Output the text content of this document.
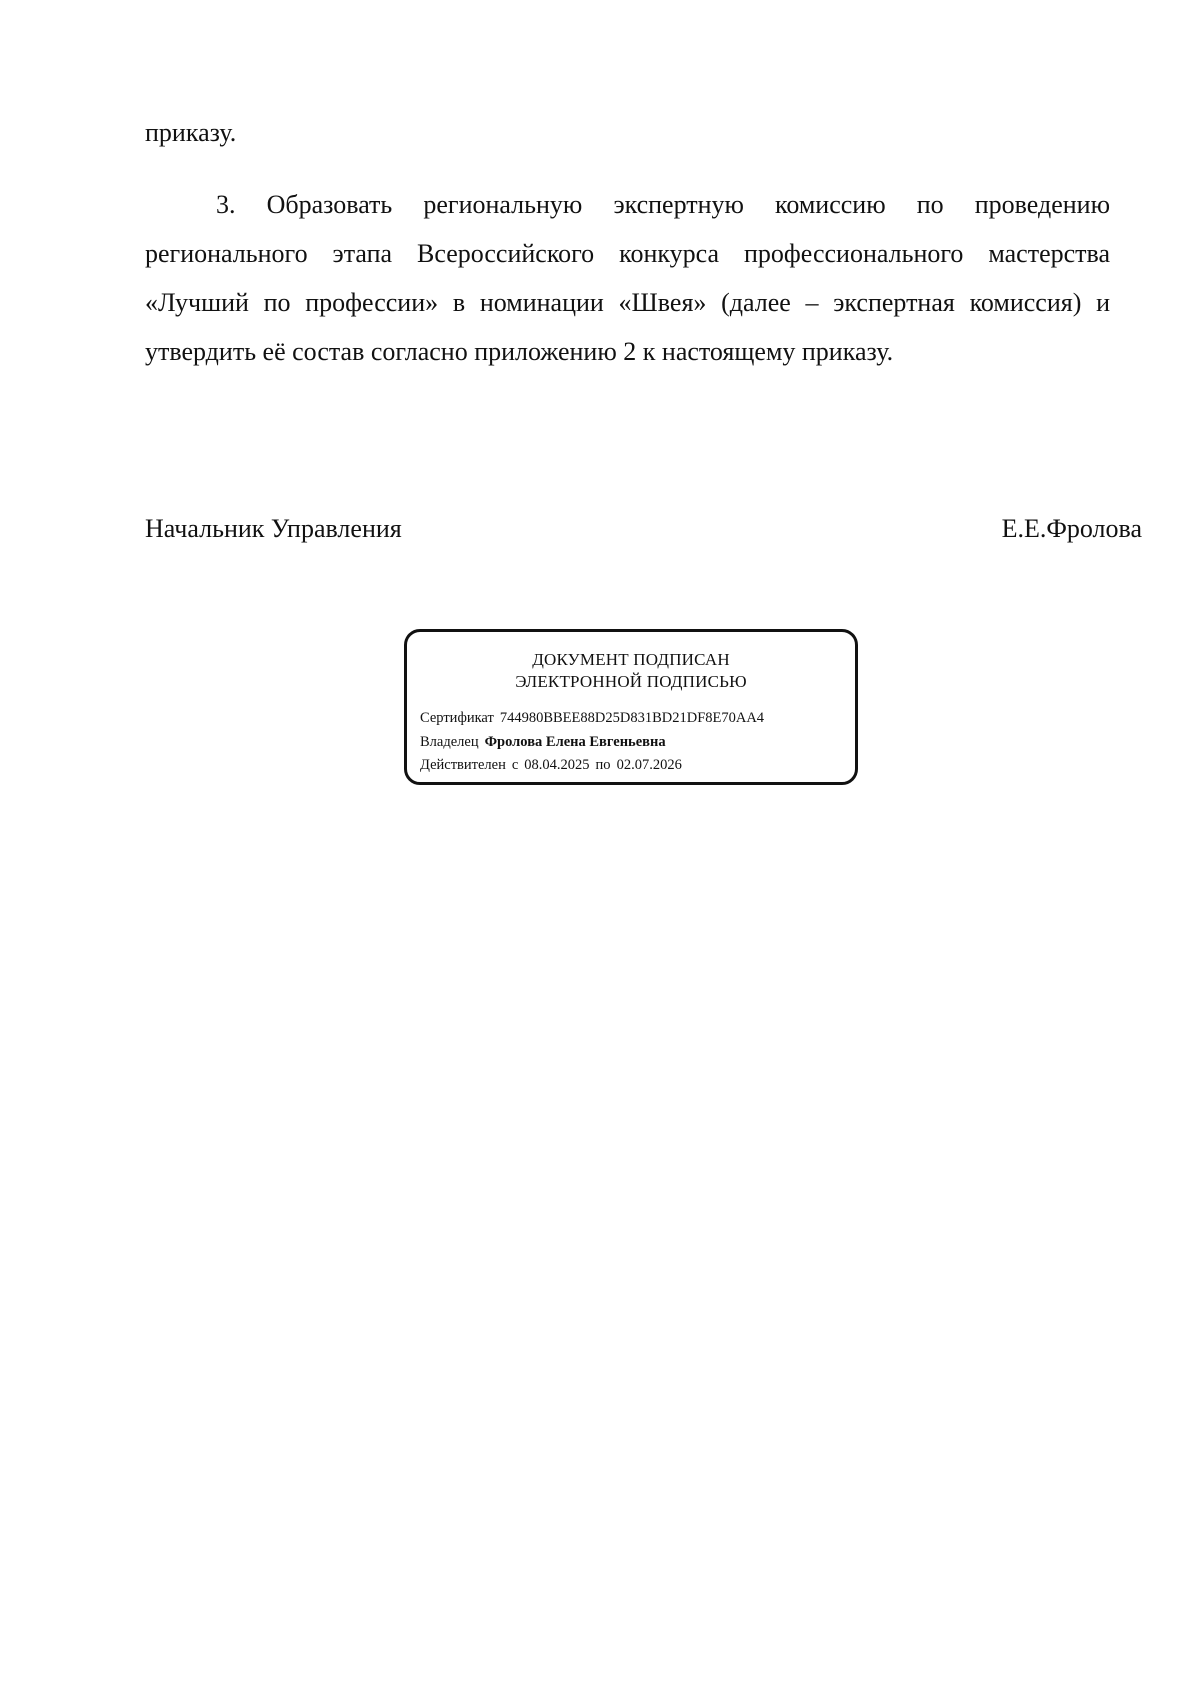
приказу.

3. Образовать региональную экспертную комиссию по проведению регионального этапа Всероссийского конкурса профессионального мастерства «Лучший по профессии» в номинации «Швея» (далее – экспертная комиссия) и утвердить её состав согласно приложению 2 к настоящему приказу.

Начальник Управления	Е.Е.Фролова
ДОКУМЕНТ ПОДПИСАН
ЭЛЕКТРОННОЙ ПОДПИСЬЮ
Сертификат 744980BBEE88D25D831BD21DF8E70AA4
Владелец Фролова Елена Евгеньевна
Действителен с 08.04.2025 по 02.07.2026
